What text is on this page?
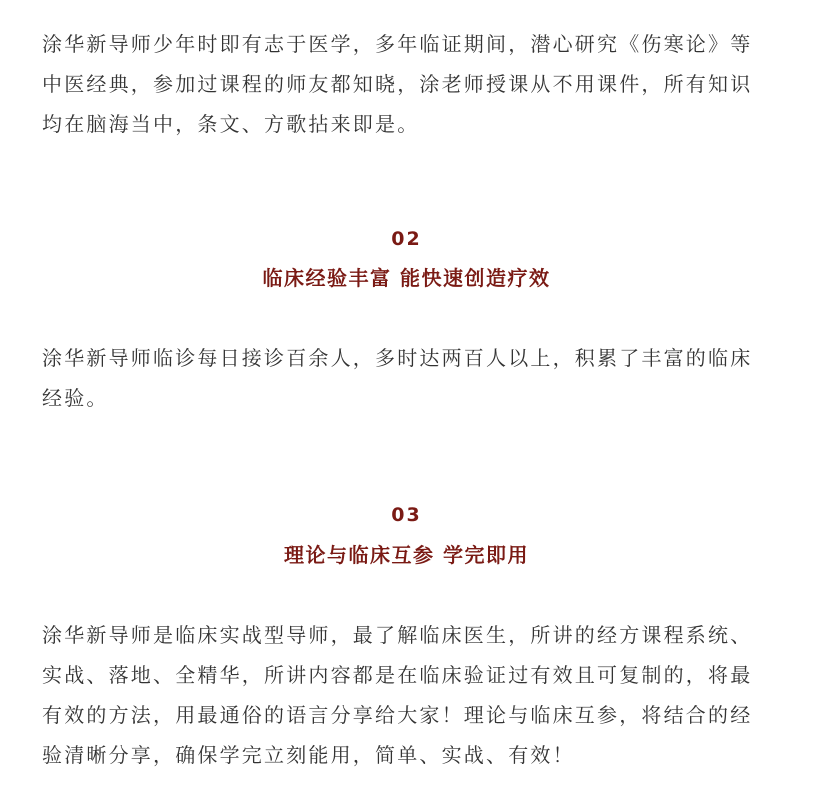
涂华新导师少年时即有志于医学，多年临证期间，潜心研究《伤寒论》等中医经典，参加过课程的师友都知晓，涂老师授课从不用课件，所有知识均在脑海当中，条文、方歌拈来即是。

02
临床经验丰富 能快速创造疗效

涂华新导师临诊每日接诊百余人，多时达两百人以上，积累了丰富的临床经验。

03
理论与临床互参 学完即用

涂华新导师是临床实战型导师，最了解临床医生，所讲的经方课程系统、实战、落地、全精华，所讲内容都是在临床验证过有效且可复制的，将最有效的方法，用最通俗的语言分享给大家！理论与临床互参，将结合的经验清晰分享，确保学完立刻能用，简单、实战、有效！
